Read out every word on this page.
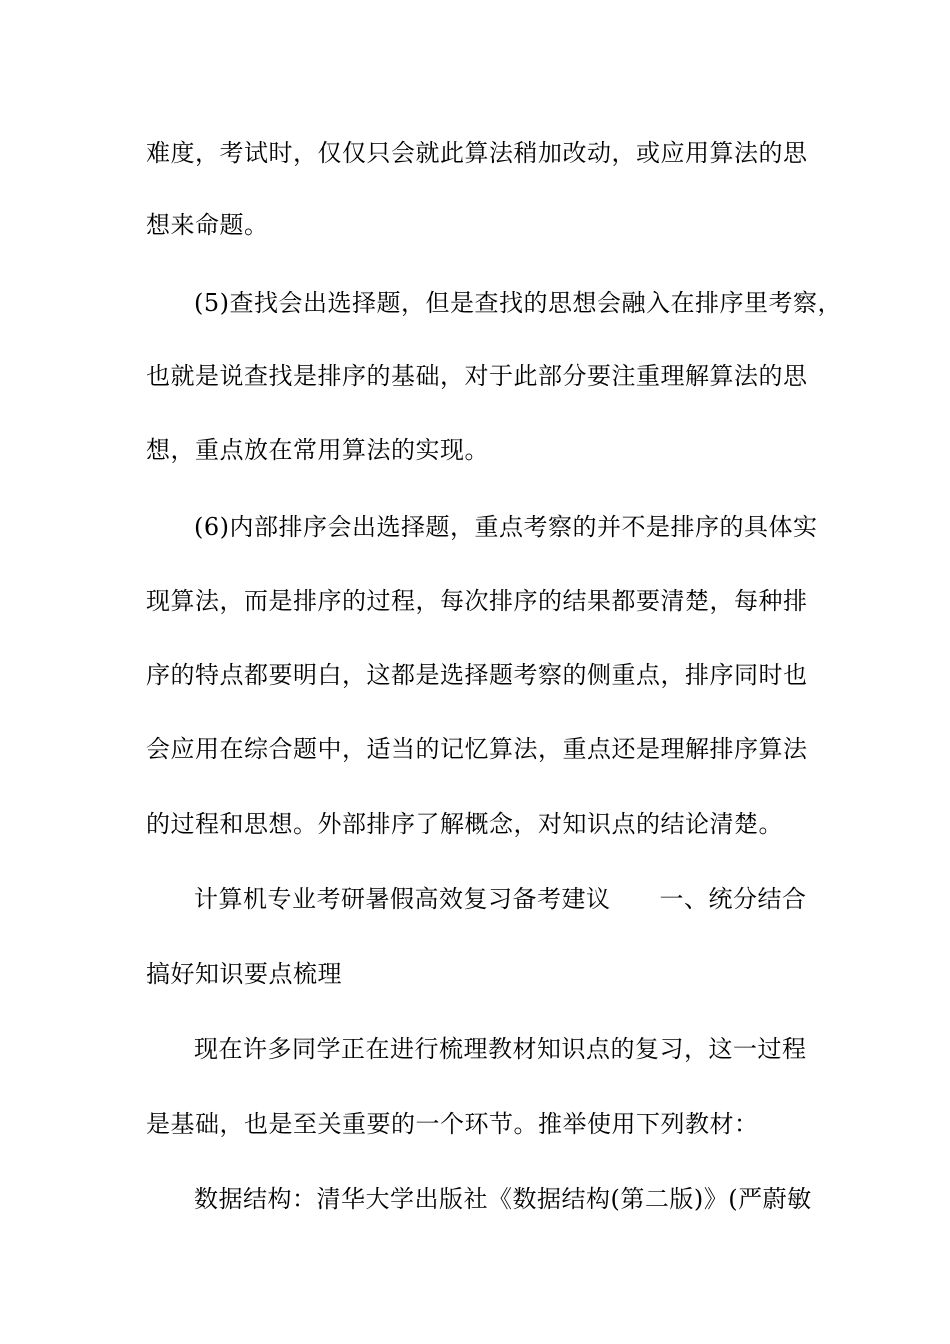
难度，考试时，仅仅只会就此算法稍加改动，或应用算法的思
想来命题。
(5)查找会出选择题，但是查找的思想会融入在排序里考察，
也就是说查找是排序的基础，对于此部分要注重理解算法的思
想，重点放在常用算法的实现。
(6)内部排序会出选择题，重点考察的并不是排序的具体实
现算法，而是排序的过程，每次排序的结果都要清楚，每种排
序的特点都要明白，这都是选择题考察的侧重点，排序同时也
会应用在综合题中，适当的记忆算法，重点还是理解排序算法
的过程和思想。外部排序了解概念，对知识点的结论清楚。
计算机专业考研暑假高效复习备考建议　　一、统分结合
搞好知识要点梳理
现在许多同学正在进行梳理教材知识点的复习，这一过程
是基础，也是至关重要的一个环节。推举使用下列教材：
数据结构：清华大学出版社《数据结构(第二版)》(严蔚敏
